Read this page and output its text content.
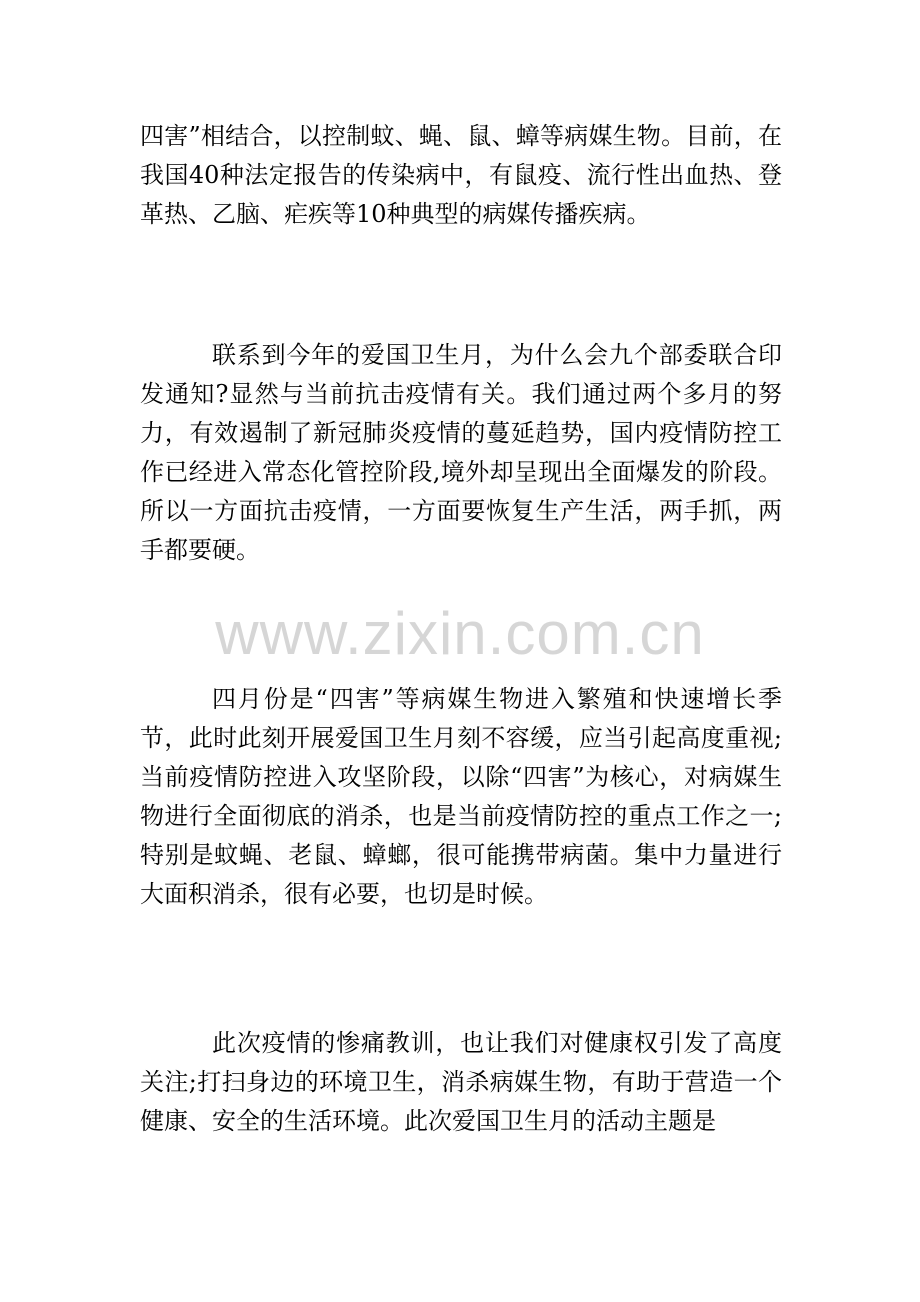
四害”相结合，以控制蚊、蝇、鼠、蟑等病媒生物。目前，在我国40种法定报告的传染病中，有鼠疫、流行性出血热、登革热、乙脑、疟疾等10种典型的病媒传播疾病。

联系到今年的爱国卫生月，为什么会九个部委联合印发通知?显然与当前抗击疫情有关。我们通过两个多月的努力，有效遏制了新冠肺炎疫情的蔓延趋势，国内疫情防控工作已经进入常态化管控阶段,境外却呈现出全面爆发的阶段。所以一方面抗击疫情，一方面要恢复生产生活，两手抓，两手都要硬。

www.zixin.com.cn

四月份是“四害”等病媒生物进入繁殖和快速增长季节，此时此刻开展爱国卫生月刻不容缓，应当引起高度重视;当前疫情防控进入攻坚阶段，以除“四害”为核心，对病媒生物进行全面彻底的消杀，也是当前疫情防控的重点工作之一;特别是蚊蝇、老鼠、蟑螂，很可能携带病菌。集中力量进行大面积消杀，很有必要，也切是时候。

此次疫情的惨痛教训，也让我们对健康权引发了高度关注;打扫身边的环境卫生，消杀病媒生物，有助于营造一个健康、安全的生活环境。此次爱国卫生月的活动主题是
